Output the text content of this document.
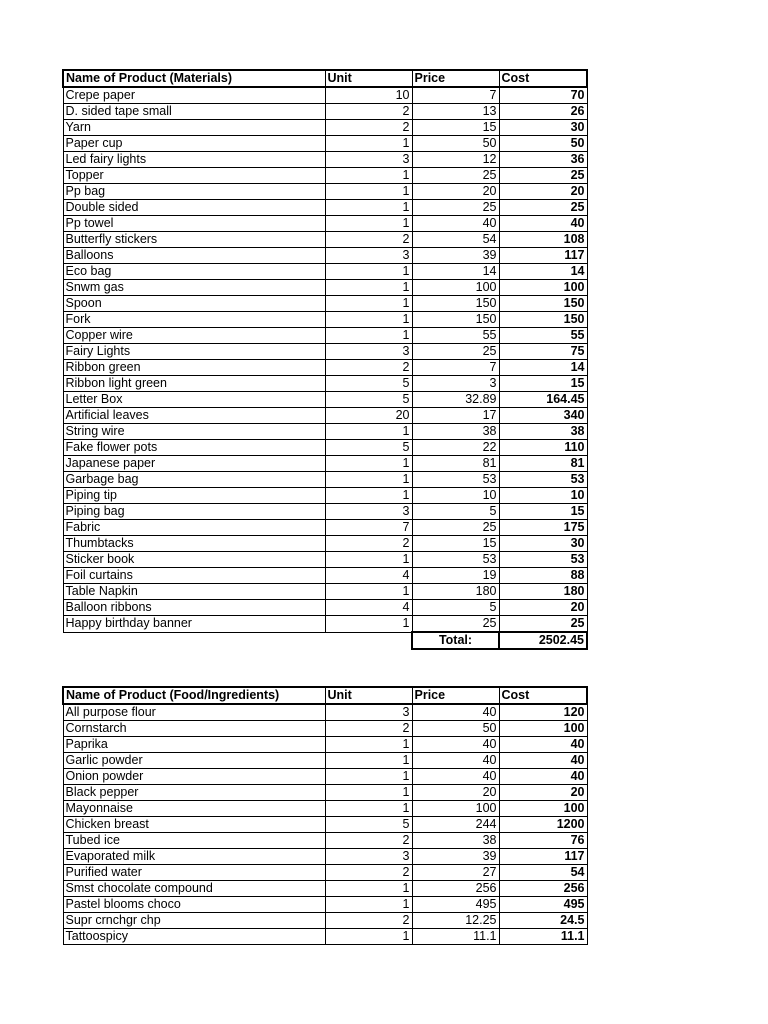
Name of Product (Materials)	Unit	Price	Cost
Crepe paper	10	7	70
D. sided tape small	2	13	26
Yarn	2	15	30
Paper cup	1	50	50
Led fairy lights	3	12	36
Topper	1	25	25
Pp bag	1	20	20
Double sided	1	25	25
Pp towel	1	40	40
Butterfly stickers	2	54	108
Balloons	3	39	117
Eco bag	1	14	14
Snwm gas	1	100	100
Spoon	1	150	150
Fork	1	150	150
Copper wire	1	55	55
Fairy Lights	3	25	75
Ribbon green	2	7	14
Ribbon light green	5	3	15
Letter Box	5	32.89	164.45
Artificial leaves	20	17	340
String wire	1	38	38
Fake flower pots	5	22	110
Japanese paper	1	81	81
Garbage bag	1	53	53
Piping tip	1	10	10
Piping bag	3	5	15
Fabric	7	25	175
Thumbtacks	2	15	30
Sticker book	1	53	53
Foil curtains	4	19	88
Table Napkin	1	180	180
Balloon ribbons	4	5	20
Happy birthday banner	1	25	25
		Total:	2502.45
Name of Product (Food/Ingredients)	Unit	Price	Cost
All purpose flour	3	40	120
Cornstarch	2	50	100
Paprika	1	40	40
Garlic powder	1	40	40
Onion powder	1	40	40
Black pepper	1	20	20
Mayonnaise	1	100	100
Chicken breast	5	244	1200
Tubed ice	2	38	76
Evaporated milk	3	39	117
Purified water	2	27	54
Smst chocolate compound	1	256	256
Pastel blooms choco	1	495	495
Supr crnchgr chp	2	12.25	24.5
Tattoospicy	1	11.1	11.1
